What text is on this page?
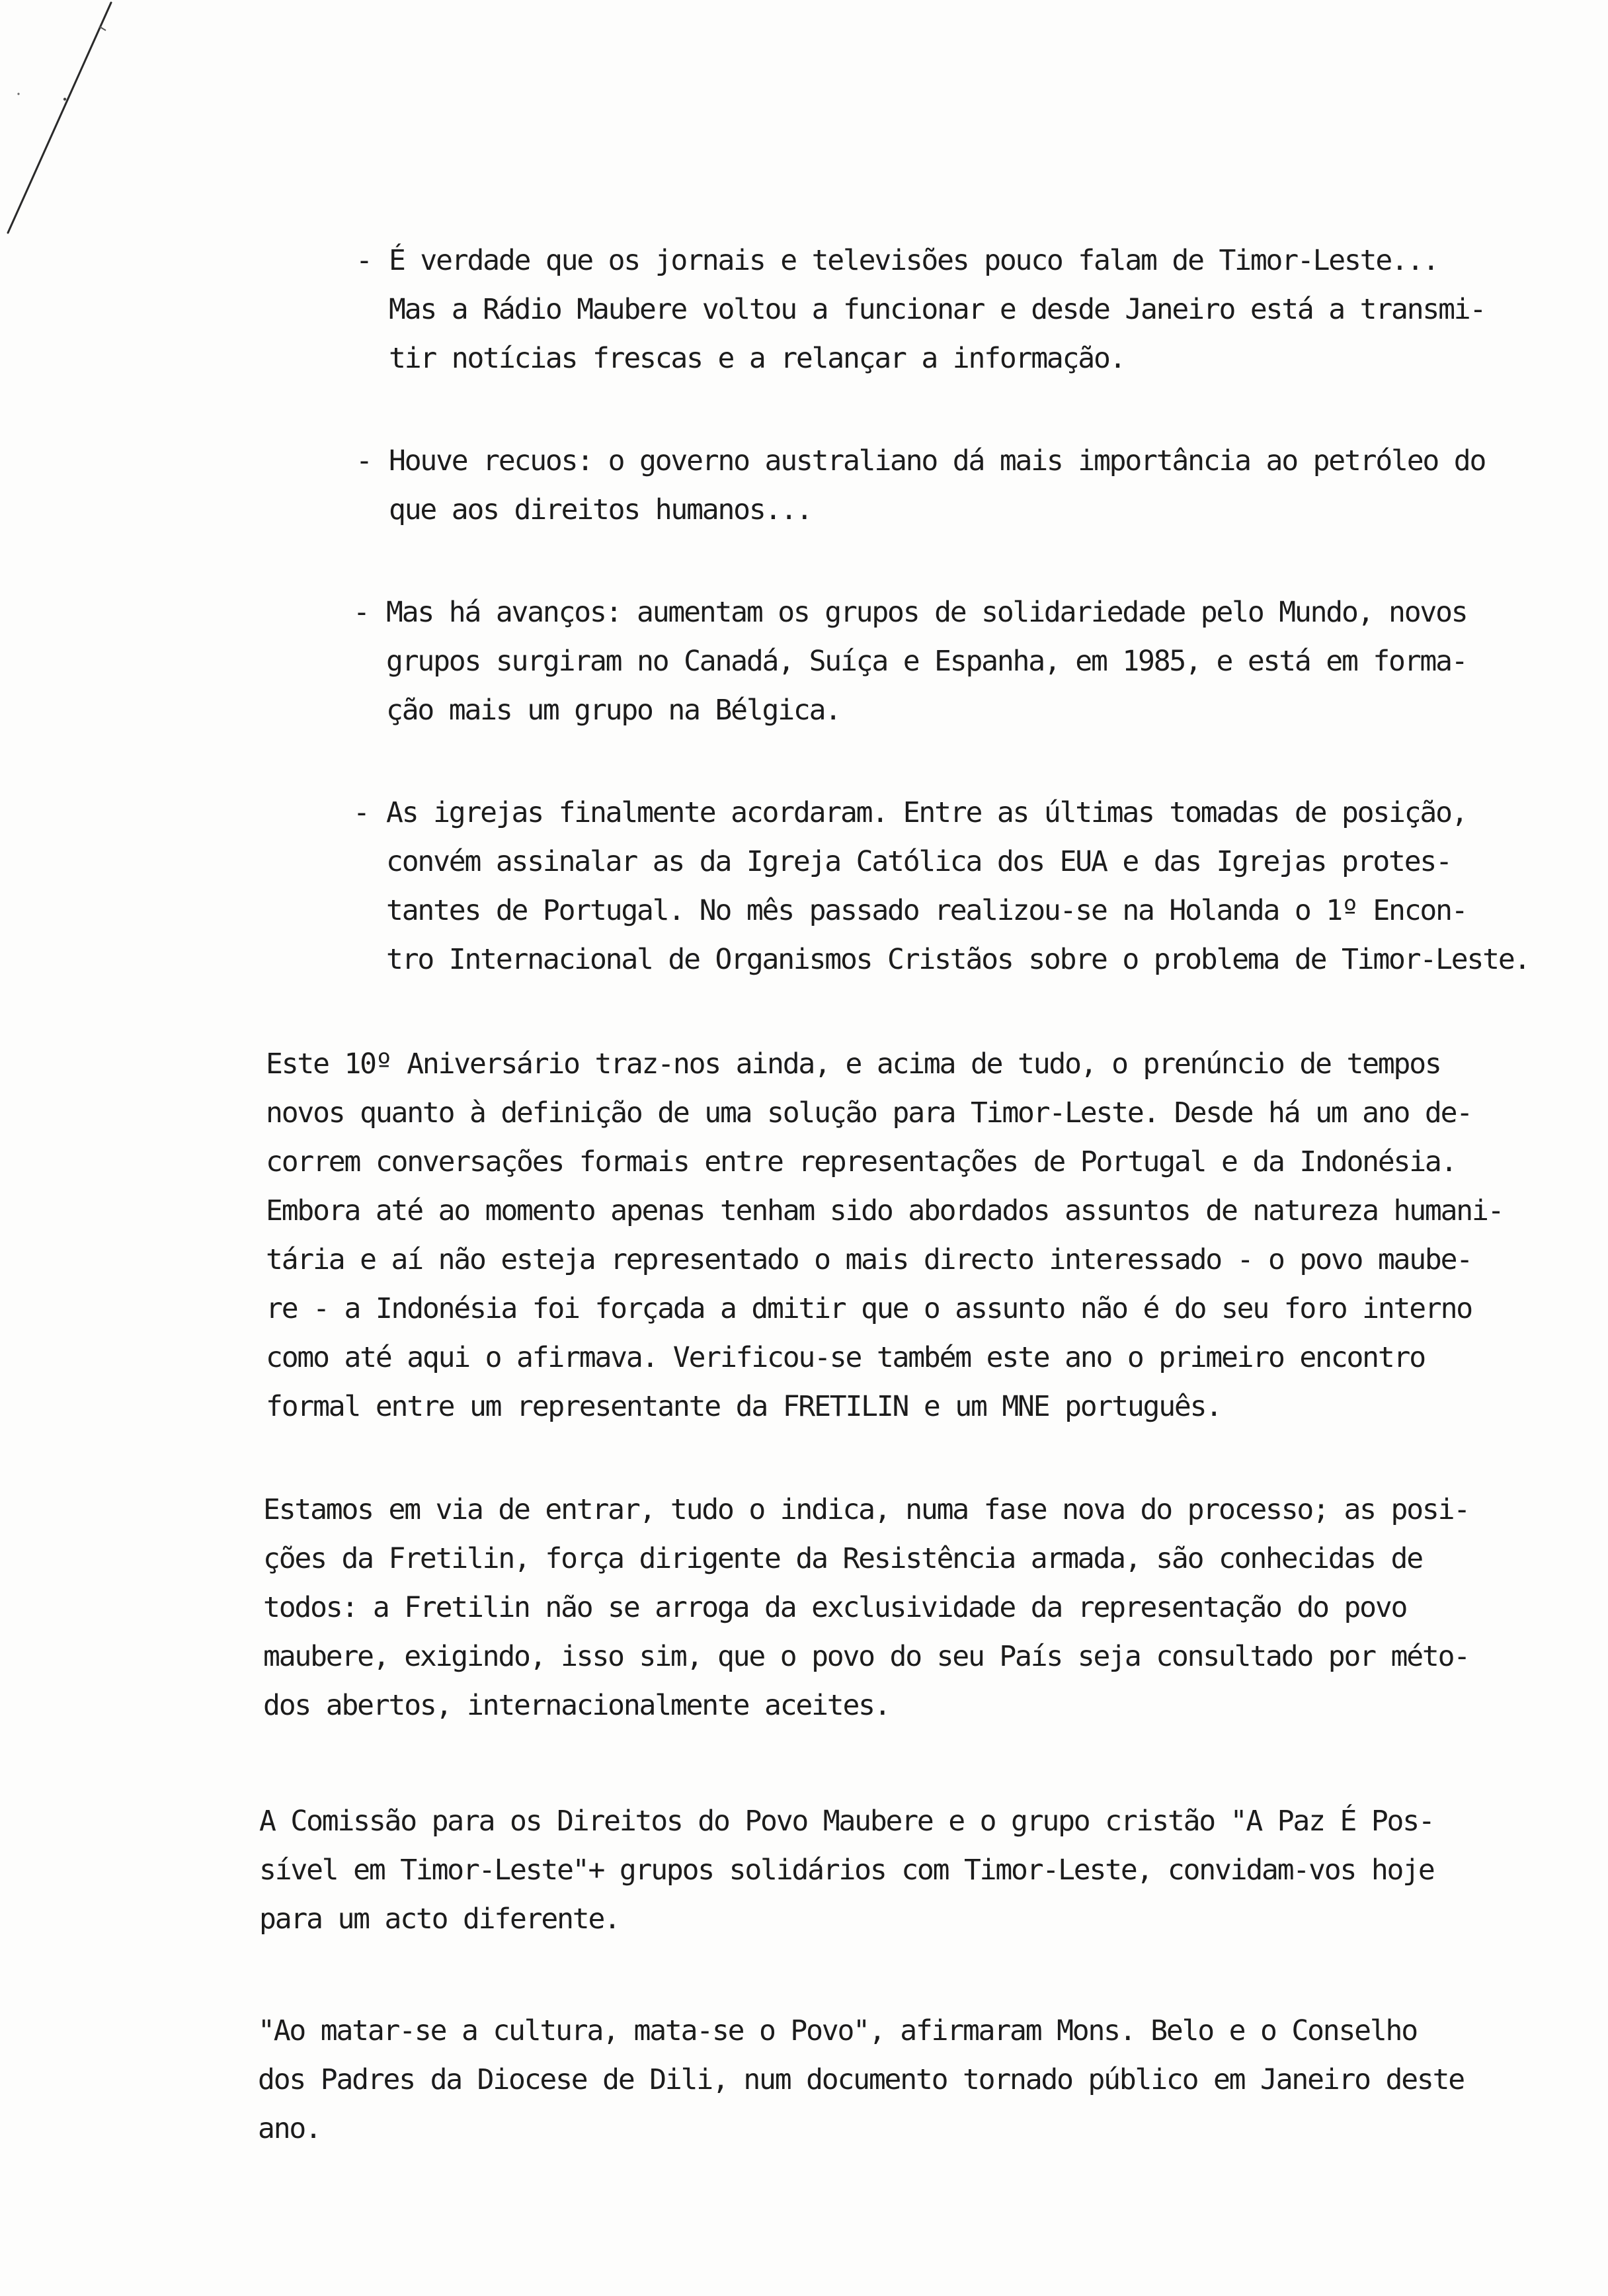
- É verdade que os jornais e televisões pouco falam de Timor-Leste...
Mas a Rádio Maubere voltou a funcionar e desde Janeiro está a transmi-
tir notícias frescas e a relançar a informação.
- Houve recuos: o governo australiano dá mais importância ao petróleo do
que aos direitos humanos...
- Mas há avanços: aumentam os grupos de solidariedade pelo Mundo, novos
grupos surgiram no Canadá, Suíça e Espanha, em 1985, e está em forma-
ção mais um grupo na Bélgica.
- As igrejas finalmente acordaram. Entre as últimas tomadas de posição,
convém assinalar as da Igreja Católica dos EUA e das Igrejas protes-
tantes de Portugal. No mês passado realizou-se na Holanda o 1º Encon-
tro Internacional de Organismos Cristãos sobre o problema de Timor-Leste.
Este 10º Aniversário traz-nos ainda, e acima de tudo, o prenúncio de tempos
novos quanto à definição de uma solução para Timor-Leste. Desde há um ano de-
correm conversações formais entre representações de Portugal e da Indonésia.
Embora até ao momento apenas tenham sido abordados assuntos de natureza humani-
tária e aí não esteja representado o mais directo interessado - o povo maube-
re - a Indonésia foi forçada a dmitir que o assunto não é do seu foro interno
como até aqui o afirmava. Verificou-se também este ano o primeiro encontro
formal entre um representante da FRETILIN e um MNE português.
Estamos em via de entrar, tudo o indica, numa fase nova do processo; as posi-
ções da Fretilin, força dirigente da Resistência armada, são conhecidas de
todos: a Fretilin não se arroga da exclusividade da representação do povo
maubere, exigindo, isso sim, que o povo do seu País seja consultado por méto-
dos abertos, internacionalmente aceites.
A Comissão para os Direitos do Povo Maubere e o grupo cristão "A Paz É Pos-
sível em Timor-Leste"+ grupos solidários com Timor-Leste, convidam-vos hoje
para um acto diferente.
"Ao matar-se a cultura, mata-se o Povo", afirmaram Mons. Belo e o Conselho
dos Padres da Diocese de Dili, num documento tornado público em Janeiro deste
ano.
